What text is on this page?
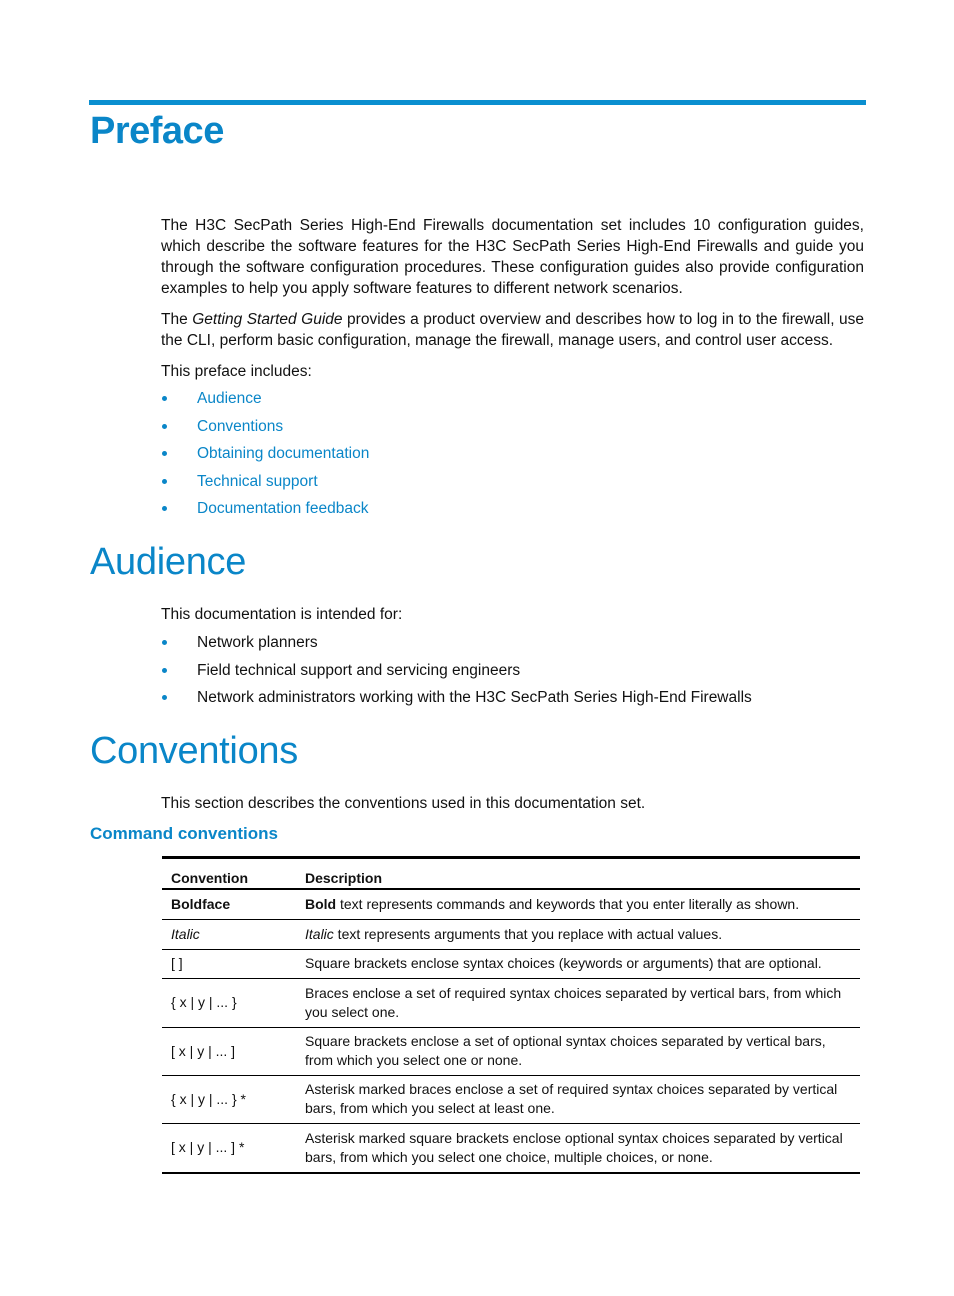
Preface

The H3C SecPath Series High-End Firewalls documentation set includes 10 configuration guides, which describe the software features for the H3C SecPath Series High-End Firewalls and guide you through the software configuration procedures. These configuration guides also provide configuration examples to help you apply software features to different network scenarios.

The Getting Started Guide provides a product overview and describes how to log in to the firewall, use the CLI, perform basic configuration, manage the firewall, manage users, and control user access.

This preface includes:

Audience
Conventions
Obtaining documentation
Technical support
Documentation feedback
Audience

This documentation is intended for:

Network planners
Field technical support and servicing engineers
Network administrators working with the H3C SecPath Series High-End Firewalls
Conventions

This section describes the conventions used in this documentation set.

Command conventions
Convention	Description
Boldface	Bold text represents commands and keywords that you enter literally as shown.
Italic	Italic text represents arguments that you replace with actual values.
[ ]	Square brackets enclose syntax choices (keywords or arguments) that are optional.
{ x | y | ... }	Braces enclose a set of required syntax choices separated by vertical bars, from which you select one.
[ x | y | ... ]	Square brackets enclose a set of optional syntax choices separated by vertical bars, from which you select one or none.
{ x | y | ... } *	Asterisk marked braces enclose a set of required syntax choices separated by vertical bars, from which you select at least one.
[ x | y | ... ] *	Asterisk marked square brackets enclose optional syntax choices separated by vertical bars, from which you select one choice, multiple choices, or none.
